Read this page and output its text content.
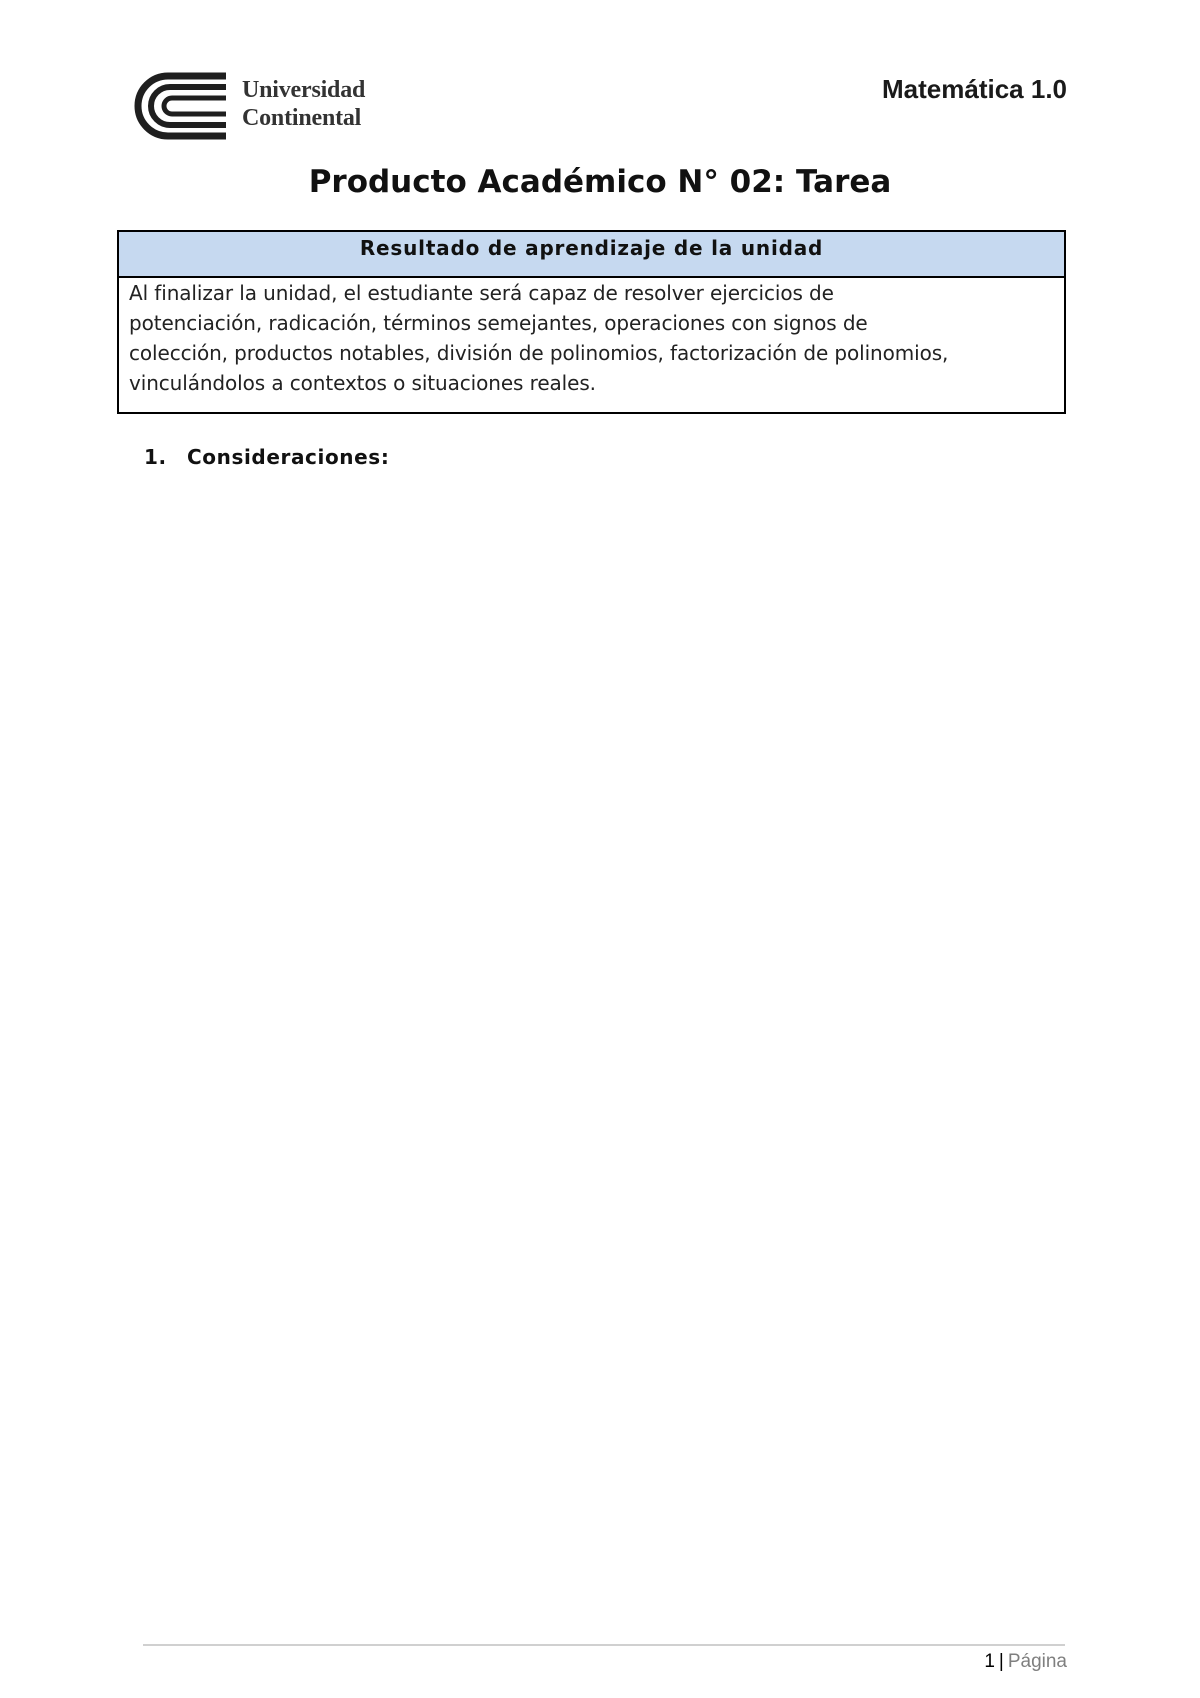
Universidad
Continental
Matemática 1.0
Producto Académico N° 02: Tarea
Resultado de aprendizaje de la unidad
Al finalizar la unidad, el estudiante será capaz de resolver ejercicios de
potenciación, radicación, términos semejantes, operaciones con signos de
colección, productos notables, división de polinomios, factorización de polinomios,
vinculándolos a contextos o situaciones reales.
1. Consideraciones:
1 | Página
